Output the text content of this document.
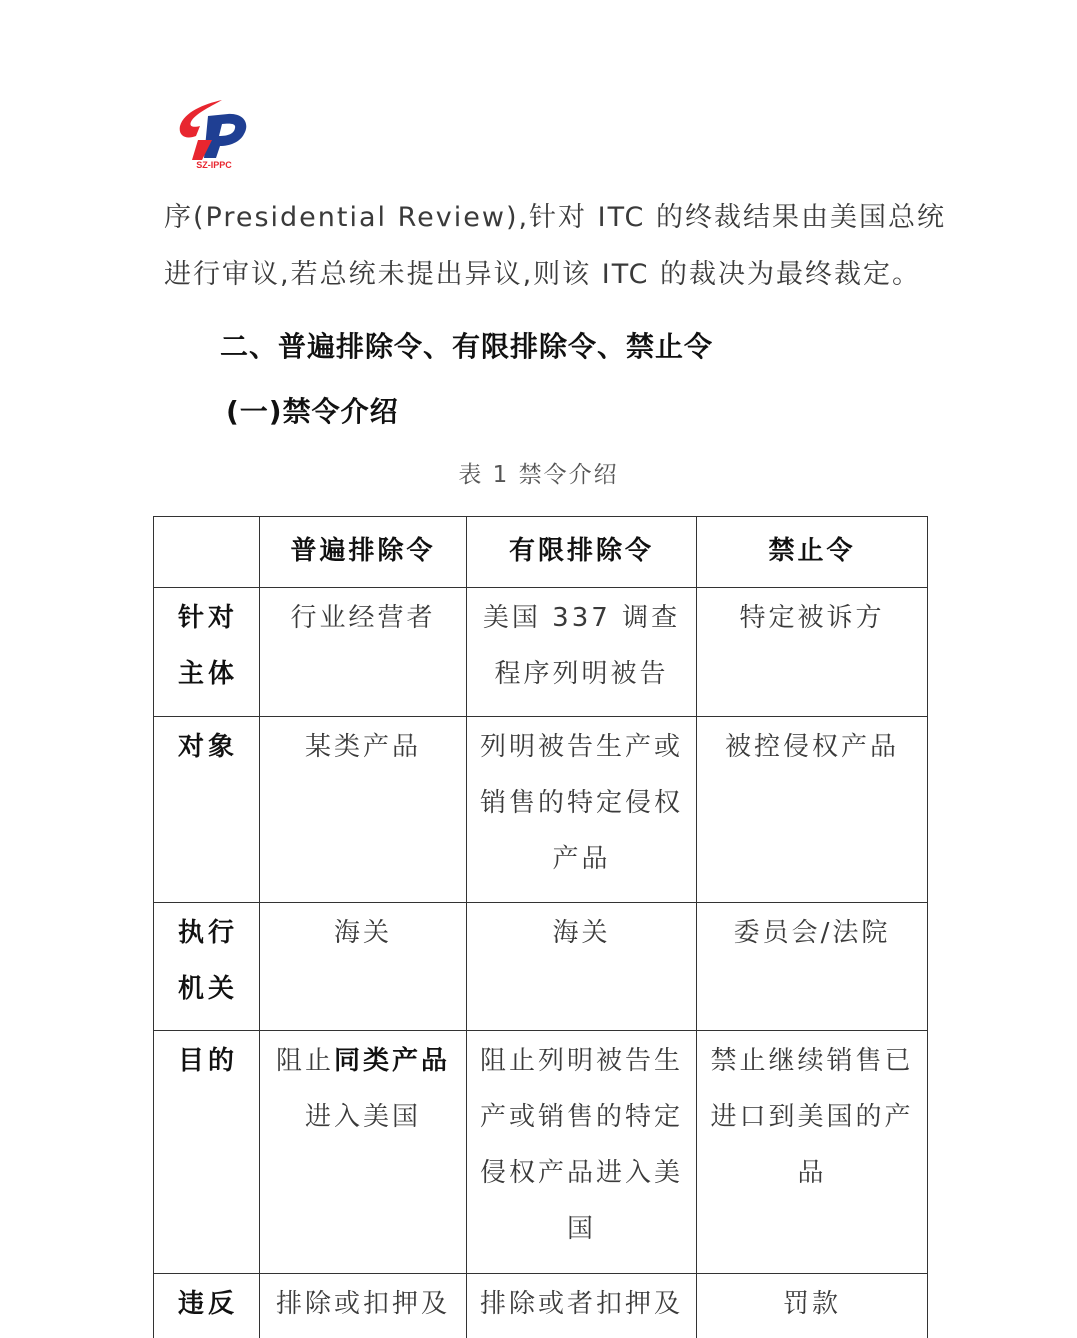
SZ-IPPC
序(Presidential Review),针对 ITC 的终裁结果由美国总统
进行审议,若总统未提出异议,则该 ITC 的裁决为最终裁定。
二、普遍排除令、有限排除令、禁止令
(一)禁令介绍
表 1 禁令介绍
	普遍排除令	有限排除令	禁止令
针对主体	行业经营者	美国 337 调查程序列明被告	特定被诉方
对象	某类产品	列明被告生产或销售的特定侵权产品	被控侵权产品
执行机关	海关	海关	委员会/法院
目的	阻止同类产品进入美国	阻止列明被告生产或销售的特定侵权产品进入美国	禁止继续销售已进口到美国的产品
违反	排除或扣押及	排除或者扣押及	罚款
